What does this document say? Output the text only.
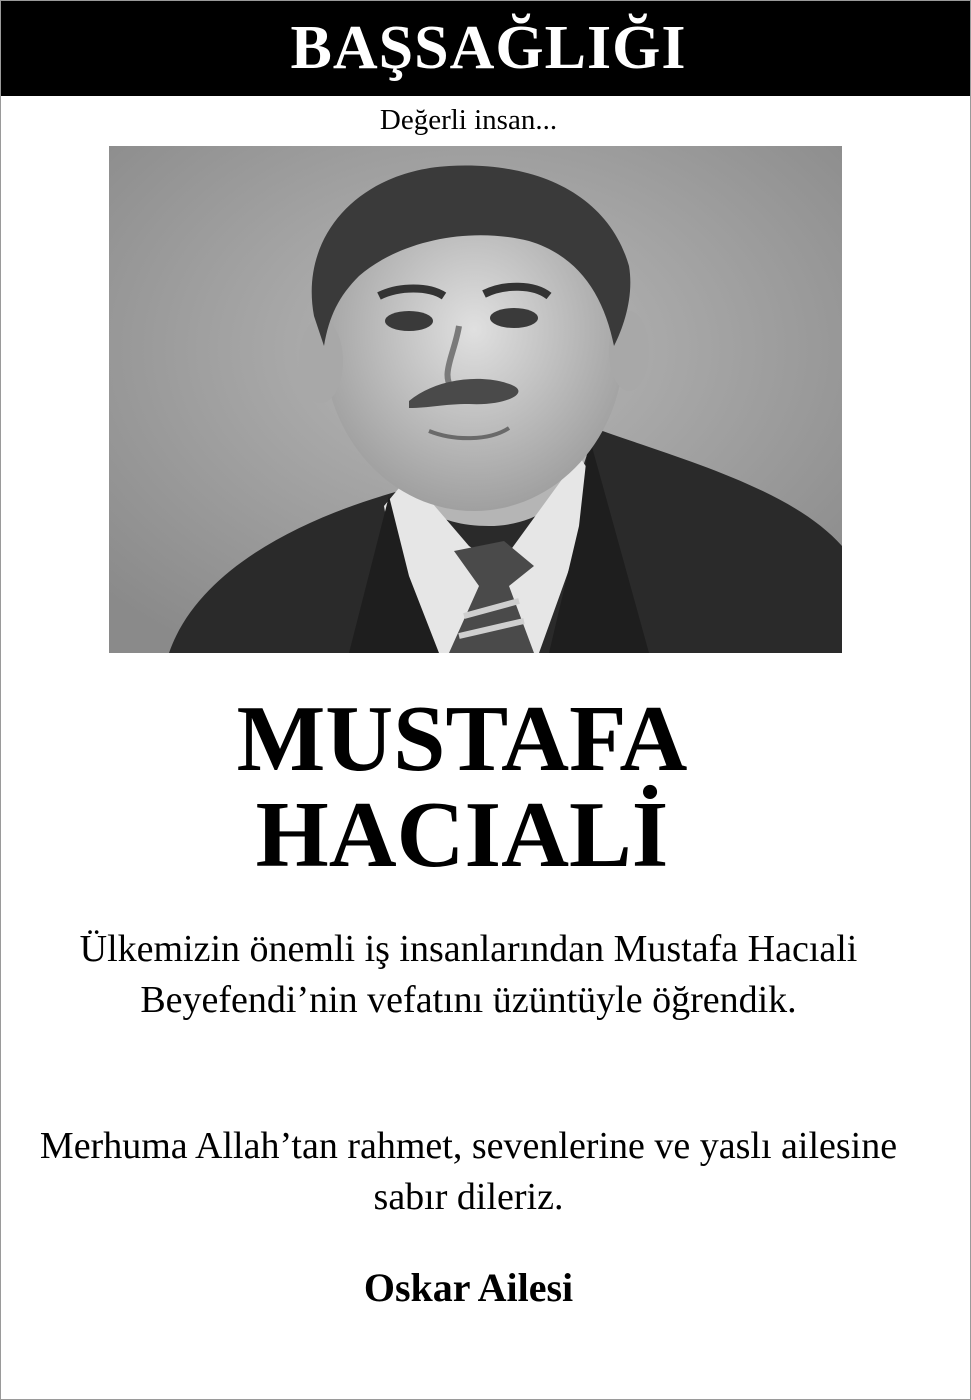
BAŞSAĞLIĞI
Değerli insan...
MUSTAFA
HACIALİ
Ülkemizin önemli iş insanlarından Mustafa Hacıali Beyefendi’nin vefatını üzüntüyle öğrendik.
Merhuma Allah’tan rahmet, sevenlerine ve yaslı ailesine sabır dileriz.
Oskar Ailesi
